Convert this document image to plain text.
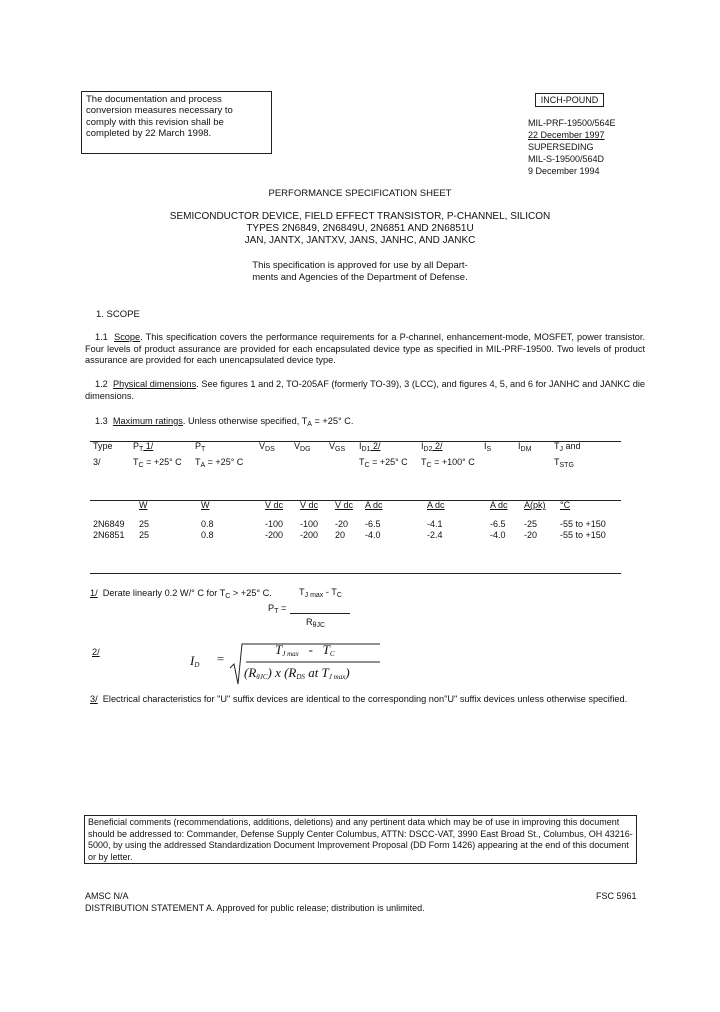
The documentation and process
conversion measures necessary to
comply with this revision shall be
completed by 22 March 1998.
INCH-POUND
MIL-PRF-19500/564E
22 December 1997
SUPERSEDING
MIL-S-19500/564D
9 December 1994
PERFORMANCE SPECIFICATION SHEET
SEMICONDUCTOR DEVICE, FIELD EFFECT TRANSISTOR, P-CHANNEL, SILICON
TYPES 2N6849, 2N6849U, 2N6851 AND 2N6851U
JAN, JANTX, JANTXV, JANS, JANHC, AND JANKC
This specification is approved for use by all Depart-
ments and Agencies of the Department of Defense.
1. SCOPE
1.1 Scope. This specification covers the performance requirements for a P-channel, enhancement-mode, MOSFET, power transistor. Four levels of product assurance are provided for each encapsulated device type as specified in MIL-PRF-19500. Two levels of product assurance are provided for each unencapsulated device type.
1.2 Physical dimensions. See figures 1 and 2, TO-205AF (formerly TO-39), 3 (LCC), and figures 4, 5, and 6 for JANHC and JANKC die dimensions.
1.3 Maximum ratings. Unless otherwise specified, $T_A = +25^\circ$ C.
Type	$P_T$ 1/	$P_T$	$V_{DS}$	$V_{DG}$	$V_{GS}$	$I_{D1}$ 2/	$I_{D2}$ 2/	$I_S$	$I_{DM}$	$T_J$ and
3/	$T_C = +25^\circ$ C	$T_A = +25^\circ$ C				$T_C = +25^\circ$ C	$T_C = +100^\circ$ C			$T_{STG}$
	W	W	V dc	V dc	V dc	A dc	A dc	A dc	A(pk)	°C

2N6849	25	0.8	-100	-100	-20	-6.5	-4.1	-6.5	-25	-55 to +150
2N6851	25	0.8	-200	-200	20	-4.0	-2.4	-4.0	-20	-55 to +150
1/ Derate linearly 0.2 W/° C for $T_C > +25^\circ$ C.	$T_{J max} - T_C$
$P_T$ =
$R_{\theta JC}$
2/
$I_D$ =
$T_{J max} - T_C$
$(R_{\theta JC})$ x ($R_{DS}$ at $T_{J max}$)
3/ Electrical characteristics for "U" suffix devices are identical to the corresponding non"U" suffix devices unless otherwise specified.
Beneficial comments (recommendations, additions, deletions) and any pertinent data which may be of use in improving this document should be addressed to: Commander, Defense Supply Center Columbus, ATTN: DSCC-VAT, 3990 East Broad St., Columbus, OH 43216-5000, by using the addressed Standardization Document Improvement Proposal (DD Form 1426) appearing at the end of this document or by letter.
AMSC N/A	FSC 5961
DISTRIBUTION STATEMENT A. Approved for public release; distribution is unlimited.
